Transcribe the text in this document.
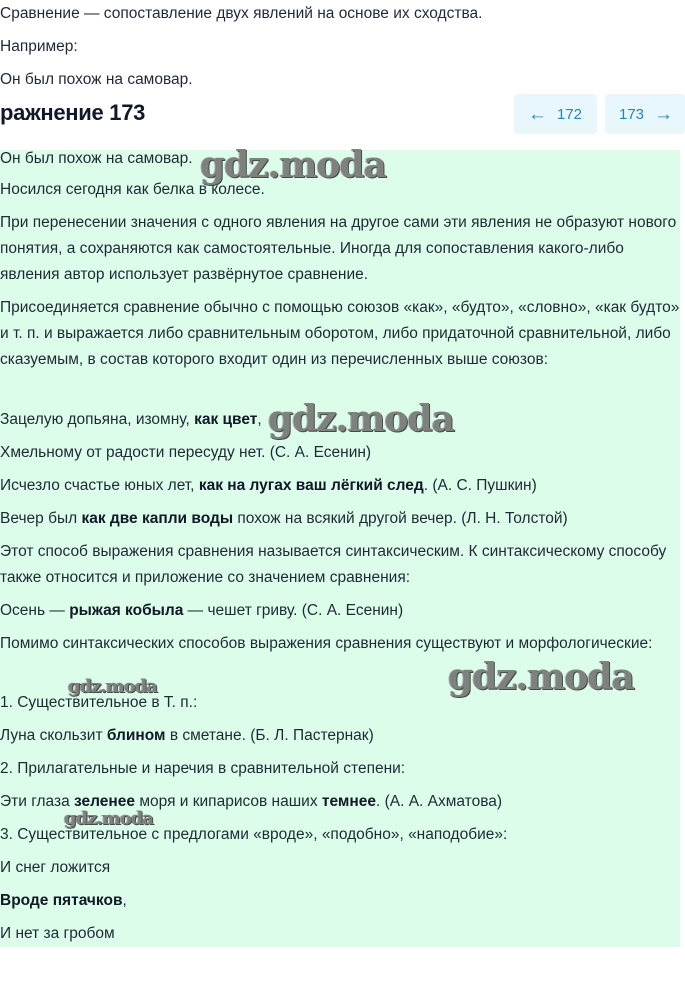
Сравнение — сопоставление двух явлений на основе их сходства.
Например:
Он был похож на самовар.
ражнение 173	← 172 173 →

Он был похож на самовар.

Носился сегодня как белка в колесе.

При перенесении значения с одного явления на другое сами эти явления не образуют нового понятия, а сохраняются как самостоятельные. Иногда для сопоставления какого-либо явления автор использует развёрнутое сравнение.

Присоединяется сравнение обычно с помощью союзов «как», «будто», «словно», «как будто» и т. п. и выражается либо сравнительным оборотом, либо придаточной сравнительной, либо сказуемым, в состав которого входит один из перечисленных выше союзов:

Зацелую допьяна, изомну, как цвет,

Хмельному от радости пересуду нет. (С. А. Есенин)

Исчезло счастье юных лет, как на лугах ваш лёгкий след. (А. С. Пушкин)

Вечер был как две капли воды похож на всякий другой вечер. (Л. Н. Толстой)

Этот способ выражения сравнения называется синтаксическим. К синтаксическому способу также относится и приложение со значением сравнения:

Осень — рыжая кобыла — чешет гриву. (С. А. Есенин)

Помимо синтаксических способов выражения сравнения существуют и морфологические:

1. Существительное в Т. п.:

Луна скользит блином в сметане. (Б. Л. Пастернак)

2. Прилагательные и наречия в сравнительной степени:

Эти глаза зеленее моря и кипарисов наших темнее. (А. А. Ахматова)

3. Существительное с предлогами «вроде», «подобно», «наподобие»:

И снег ложится

Вроде пятачков,

И нет за гробом

gdz.moda
gdz.moda
gdz.moda
gdz.moda
gdz.moda
